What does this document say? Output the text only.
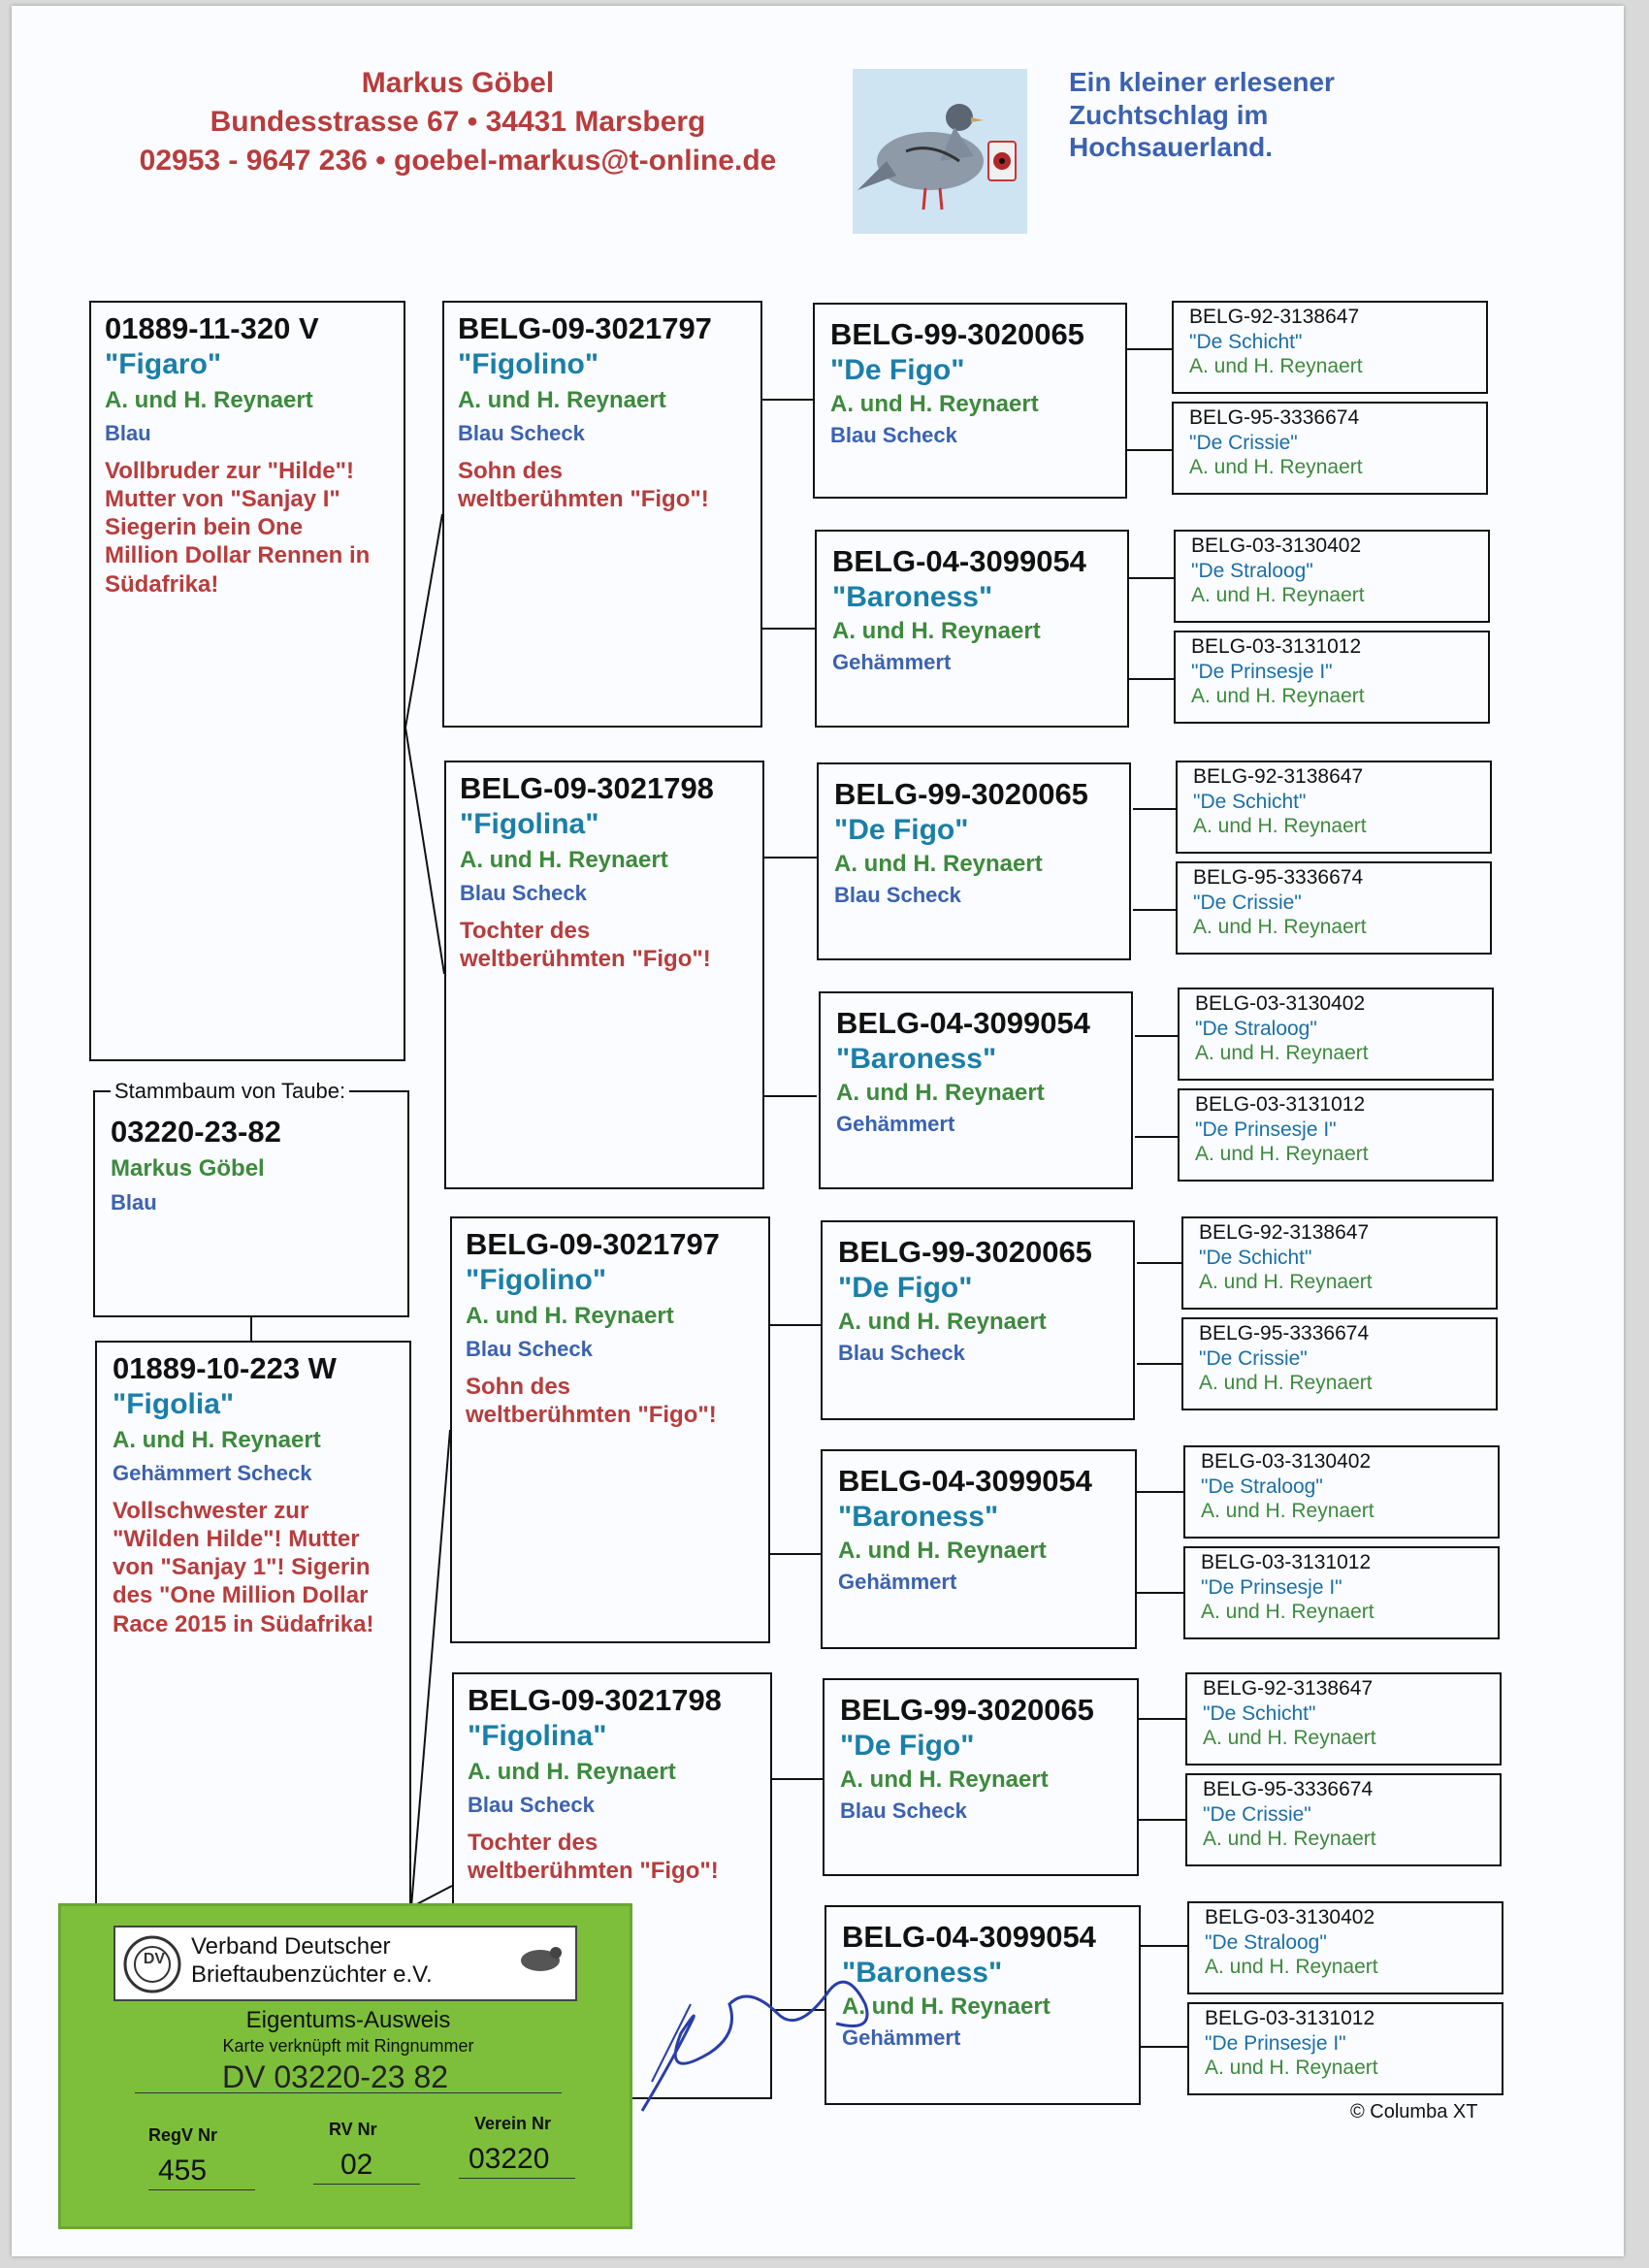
Markus Göbel
Bundesstrasse 67 • 34431 Marsberg
02953 - 9647 236 • goebel-markus@t-online.de
Ein kleiner erlesener
Zuchtschlag im
Hochsauerland.
01889-11-320 V
"Figaro"
A. und H. Reynaert
Blau
Vollbruder zur "Hilde"!
Mutter von "Sanjay I"
Siegerin bein One
Million Dollar Rennen in
Südafrika!
Stammbaum von Taube:
03220-23-82
Markus Göbel
Blau
01889-10-223 W
"Figolia"
A. und H. Reynaert
Gehämmert Scheck
Vollschwester zur
"Wilden Hilde"! Mutter
von "Sanjay 1"! Sigerin
des "One Million Dollar
Race 2015 in Südafrika!
BELG-09-3021797
"Figolino"
A. und H. Reynaert
Blau Scheck
Sohn des
weltberühmten "Figo"!
BELG-09-3021798
"Figolina"
A. und H. Reynaert
Blau Scheck
Tochter des
weltberühmten "Figo"!
BELG-09-3021797
"Figolino"
A. und H. Reynaert
Blau Scheck
Sohn des
weltberühmten "Figo"!
BELG-09-3021798
"Figolina"
A. und H. Reynaert
Blau Scheck
Tochter des
weltberühmten "Figo"!
BELG-99-3020065
"De Figo"
A. und H. Reynaert
Blau Scheck
BELG-04-3099054
"Baroness"
A. und H. Reynaert
Gehämmert
BELG-99-3020065
"De Figo"
A. und H. Reynaert
Blau Scheck
BELG-04-3099054
"Baroness"
A. und H. Reynaert
Gehämmert
BELG-99-3020065
"De Figo"
A. und H. Reynaert
Blau Scheck
BELG-04-3099054
"Baroness"
A. und H. Reynaert
Gehämmert
BELG-99-3020065
"De Figo"
A. und H. Reynaert
Blau Scheck
BELG-04-3099054
"Baroness"
A. und H. Reynaert
Gehämmert
BELG-92-3138647
"De Schicht"
A. und H. Reynaert
BELG-95-3336674
"De Crissie"
A. und H. Reynaert
BELG-03-3130402
"De Straloog"
A. und H. Reynaert
BELG-03-3131012
"De Prinsesje I"
A. und H. Reynaert
BELG-92-3138647
"De Schicht"
A. und H. Reynaert
BELG-95-3336674
"De Crissie"
A. und H. Reynaert
BELG-03-3130402
"De Straloog"
A. und H. Reynaert
BELG-03-3131012
"De Prinsesje I"
A. und H. Reynaert
BELG-92-3138647
"De Schicht"
A. und H. Reynaert
BELG-95-3336674
"De Crissie"
A. und H. Reynaert
BELG-03-3130402
"De Straloog"
A. und H. Reynaert
BELG-03-3131012
"De Prinsesje I"
A. und H. Reynaert
BELG-92-3138647
"De Schicht"
A. und H. Reynaert
BELG-95-3336674
"De Crissie"
A. und H. Reynaert
BELG-03-3130402
"De Straloog"
A. und H. Reynaert
BELG-03-3131012
"De Prinsesje I"
A. und H. Reynaert
© Columba XT
DV	Verband Deutscher
Brieftaubenzüchter e.V.
Eigentums-Ausweis
Karte verknüpft mit Ringnummer
DV 03220-23 82
RegV Nr
455
RV Nr
02
Verein Nr
03220
